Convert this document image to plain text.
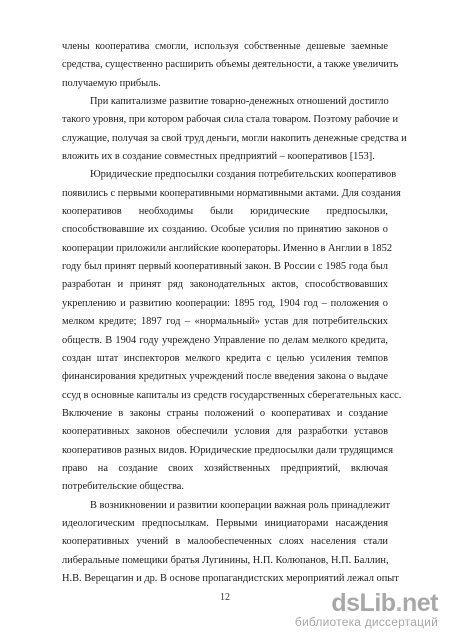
члены кооператива смогли, используя собственные дешевые заемные
средства, существенно расширить объемы деятельности, а также увеличить
получаемую прибыль.

При капитализме развитие товарно-денежных отношений достигло
такого уровня, при котором рабочая сила стала товаром. Поэтому рабочие и
служащие, получая за свой труд деньги, могли накопить денежные средства и
вложить их в создание совместных предприятий – кооперативов [153].

Юридические предпосылки создания потребительских кооперативов
появились с первыми кооперативными нормативными актами. Для создания
кооперативов необходимы были юридические предпосылки,
способствовавшие их созданию. Особые усилия по принятию законов о
кооперации приложили английские кооператоры. Именно в Англии в 1852
году был принят первый кооперативный закон. В России с 1985 года был
разработан и принят ряд законодательных актов, способствовавших
укреплению и развитию кооперации: 1895 год, 1904 год – положения о
мелком кредите; 1897 год – «нормальный» устав для потребительских
обществ. В 1904 году учреждено Управление по делам мелкого кредита,
создан штат инспекторов мелкого кредита с целью усиления темпов
финансирования кредитных учреждений после введения закона о выдаче
ссуд в основные капиталы из средств государственных сберегательных касс.
Включение в законы страны положений о кооперативах и создание
кооперативных законов обеспечили условия для разработки уставов
кооперативов разных видов. Юридические предпосылки дали трудящимся
право на создание своих хозяйственных предприятий, включая
потребительские общества.

В возникновении и развитии кооперации важная роль принадлежит
идеологическим предпосылкам. Первыми инициаторами насаждения
кооперативных учений в малообеспеченных слоях населения стали
либеральные помещики братья Лугинины, Н.П. Колюпанов, Н.П. Баллин,
Н.В. Верещагин и др. В основе пропагандистских мероприятий лежал опыт

12	dsLib.net
библиотека диссертаций
